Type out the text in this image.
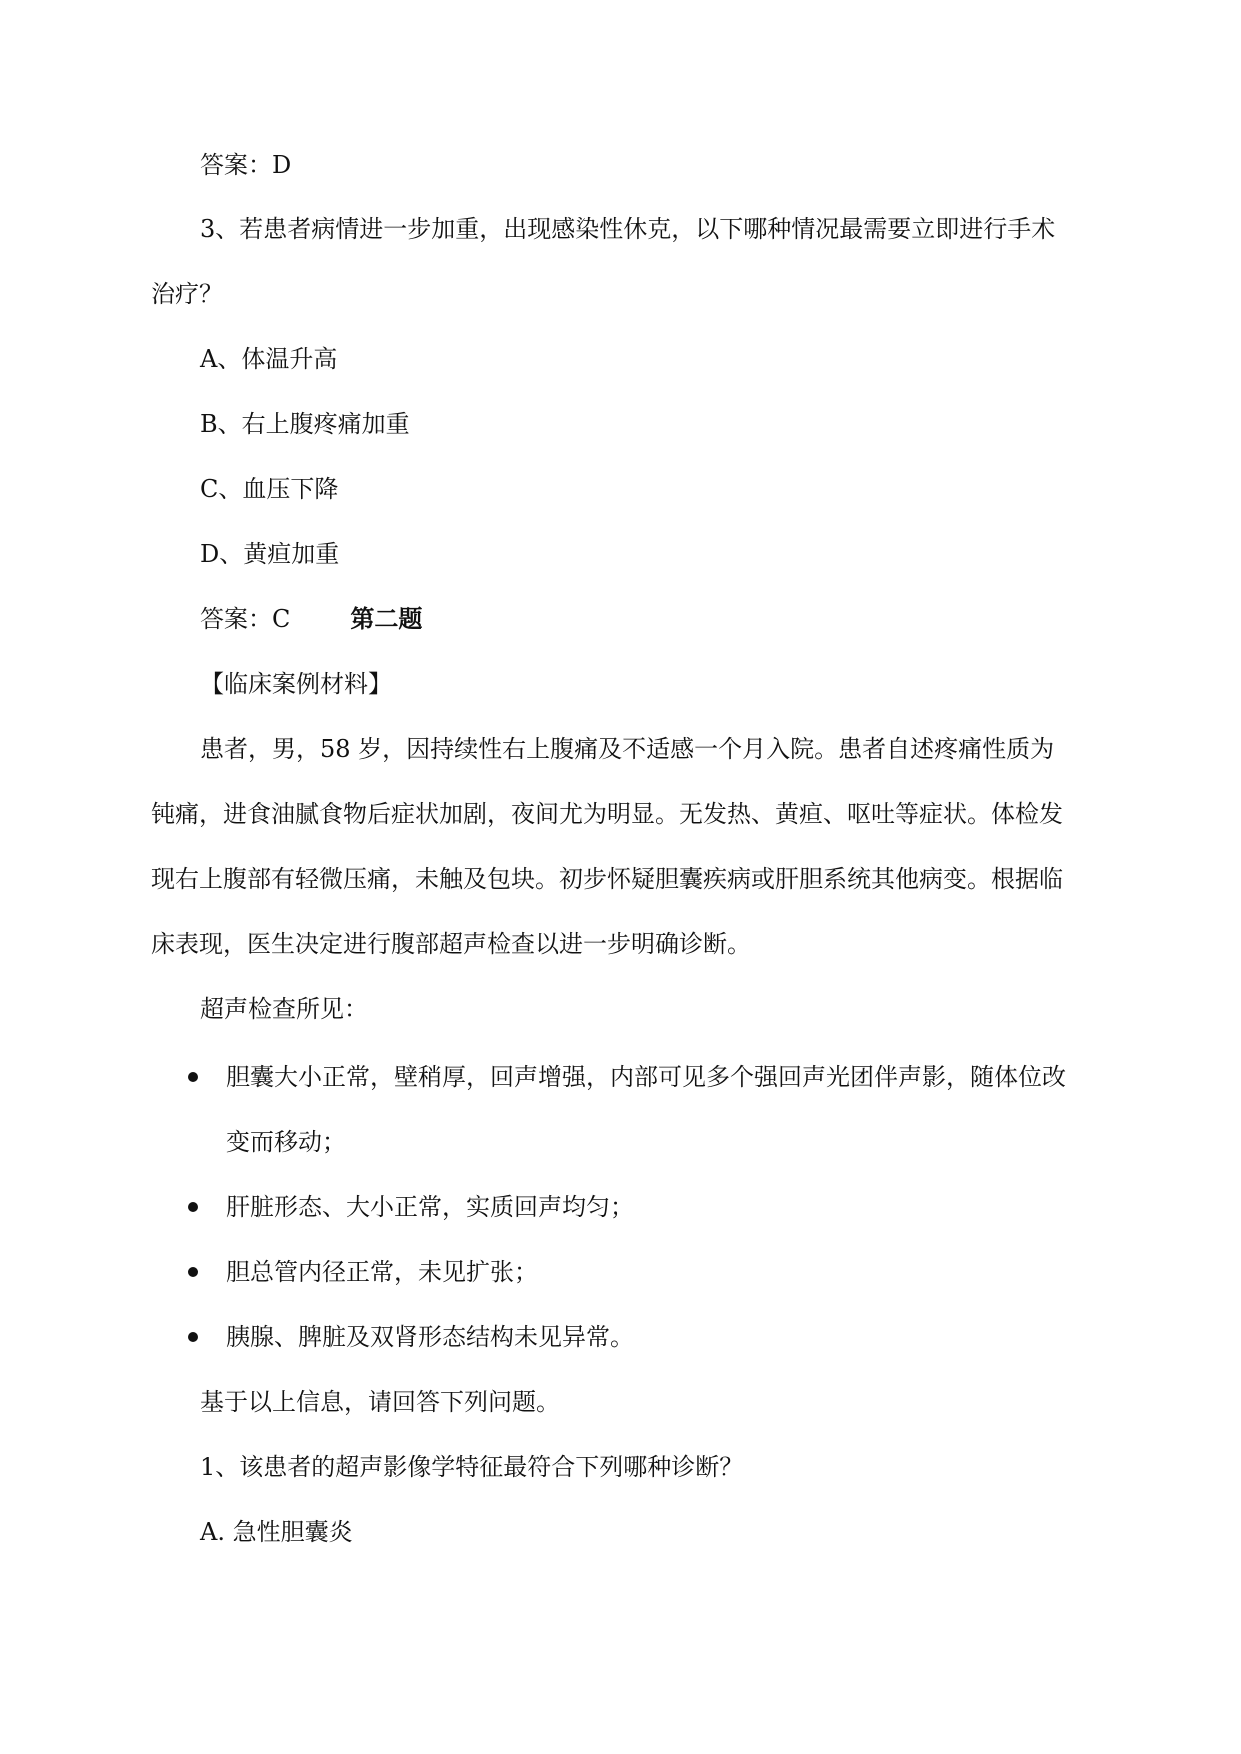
答案：D

3、若患者病情进一步加重，出现感染性休克，以下哪种情况最需要立即进行手术

治疗？

A、体温升高

B、右上腹疼痛加重

C、血压下降

D、黄疸加重

答案：C	第二题

【临床案例材料】

患者，男，58 岁，因持续性右上腹痛及不适感一个月入院。患者自述疼痛性质为

钝痛，进食油腻食物后症状加剧，夜间尤为明显。无发热、黄疸、呕吐等症状。体检发

现右上腹部有轻微压痛，未触及包块。初步怀疑胆囊疾病或肝胆系统其他病变。根据临

床表现，医生决定进行腹部超声检查以进一步明确诊断。

超声检查所见：

胆囊大小正常，壁稍厚，回声增强，内部可见多个强回声光团伴声影，随体位改

变而移动；

肝脏形态、大小正常，实质回声均匀；

胆总管内径正常，未见扩张；

胰腺、脾脏及双肾形态结构未见异常。

基于以上信息，请回答下列问题。

1、该患者的超声影像学特征最符合下列哪种诊断？

A. 急性胆囊炎
